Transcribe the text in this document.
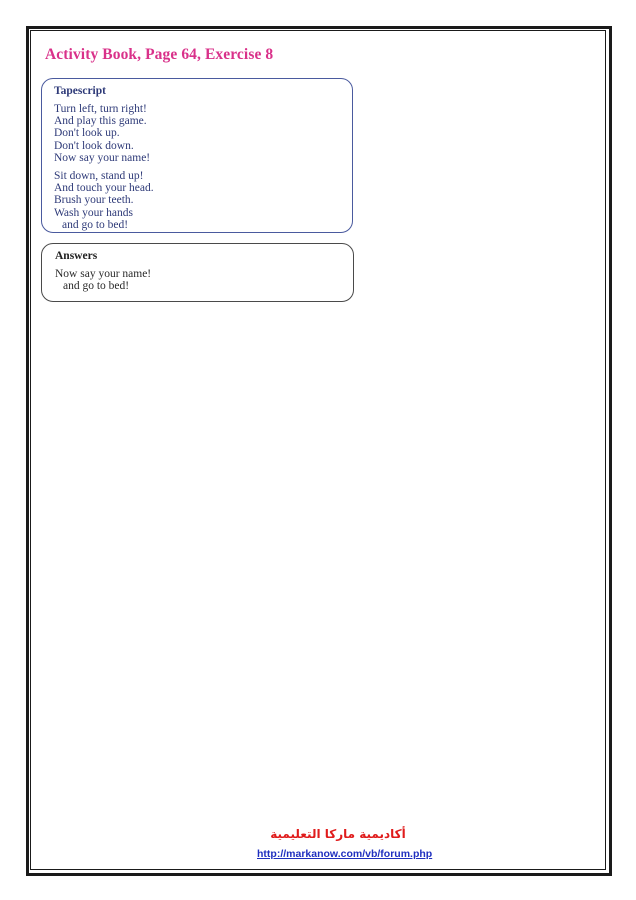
Activity Book, Page 64, Exercise 8
Tapescript
Turn left, turn right!
And play this game.
Don't look up.
Don't look down.
Now say your name!
Sit down, stand up!
And touch your head.
Brush your teeth.
Wash your hands
and go to bed!
Answers
Now say your name!
and go to bed!
أكاديمية ماركا التعليمية
http://markanow.com/vb/forum.php
